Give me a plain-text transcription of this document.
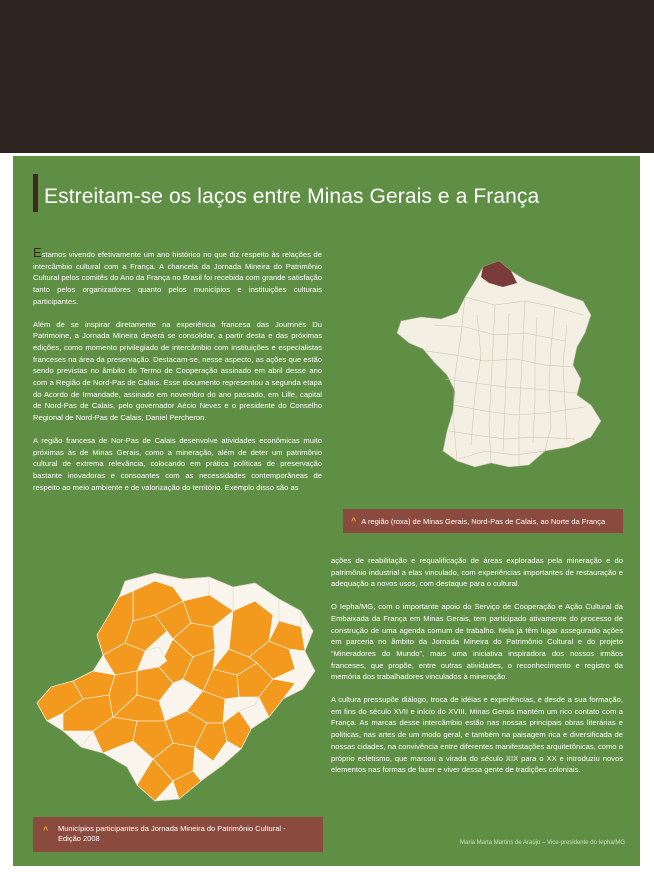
Estreitam-se os laços entre Minas Gerais e a França

Estamos vivendo efetivamente um ano histórico no que diz respeito às relações de intercâmbio cultural com a França. A chancela da Jornada Mineira do Patrimônio Cultural pelos comitês do Ano da França no Brasil foi recebida com grande satisfação tanto pelos organizadores quanto pelos municípios e instituições culturais participantes.

Além de se inspirar diretamente na experiência francesa das Journnés Du Patrimoine, a Jornada Mineira deverá se consolidar, a partir desta e das próximas edições, como momento privilegiado de intercâmbio com instituições e especialistas franceses na área da preservação. Destacam-se, nesse aspecto, as ações que estão sendo previstas no âmbito do Termo de Cooperação assinado em abril desse ano com a Região de Nord-Pas de Calais. Esse documento representou a segunda etapa do Acordo de Irmandade, assinado em novembro do ano passado, em Lille, capital de Nord-Pas de Calais, pelo governador Aécio Neves e o presidente do Conselho Regional de Nord-Pas de Calais, Daniel Percheron.

A região francesa de Nor-Pas de Calais desenvolve atividades econômicas muito próximas às de Minas Gerais, como a mineração, além de deter um patrimônio cultural de extrema relevância, colocando em prática políticas de preservação bastante inovadoras e consoantes com as necessidades contemporâneas de respeito ao meio ambiente e de valorização do território. Exemplo disso são as

^ A região (roxa) de Minas Gerais, Nord-Pas de Calais, ao Norte da França
^ Municípios participantes da Jornada Mineira do Patrimônio Cultural - Edição 2008

ações de reabilitação e requalificação de áreas exploradas pela mineração e do patrimônio industrial a elas vinculado, com experiências importantes de restauração e adequação a novos usos, com destaque para o cultural.

O Iepha/MG, com o importante apoio do Serviço de Cooperação e Ação Cultural da Embaixada da França em Minas Gerais, tem participado ativamente do processo de construção de uma agenda comum de trabalho. Nela já têm lugar assegurado ações em parceria no âmbito da Jornada Mineira do Patrimônio Cultural e do projeto “Mineradores do Mundo”, mais uma iniciativa inspiradora dos nossos irmãos franceses, que propõe, entre outras atividades, o reconhecimento e registro da memória dos trabalhadores vinculados à mineração.

A cultura pressupõe diálogo, troca de idéias e experiências, e desde a sua formação, em fins do século XVII e início do XVIII, Minas Gerais mantém um rico contato com a França. As marcas desse intercâmbio estão nas nossas principais obras literárias e políticas, nas artes de um modo geral, e também na paisagem rica e diversificada de nossas cidades, na convivência entre diferentes manifestações arquitetônicas, como o próprio ecletismo, que marcou a virada do século XIX para o XX e introduziu novos elementos nas formas de fazer e viver dessa gente de tradições coloniais.

Maria Marta Martins de Araújo – Vice-presidente do Iepha/MG
